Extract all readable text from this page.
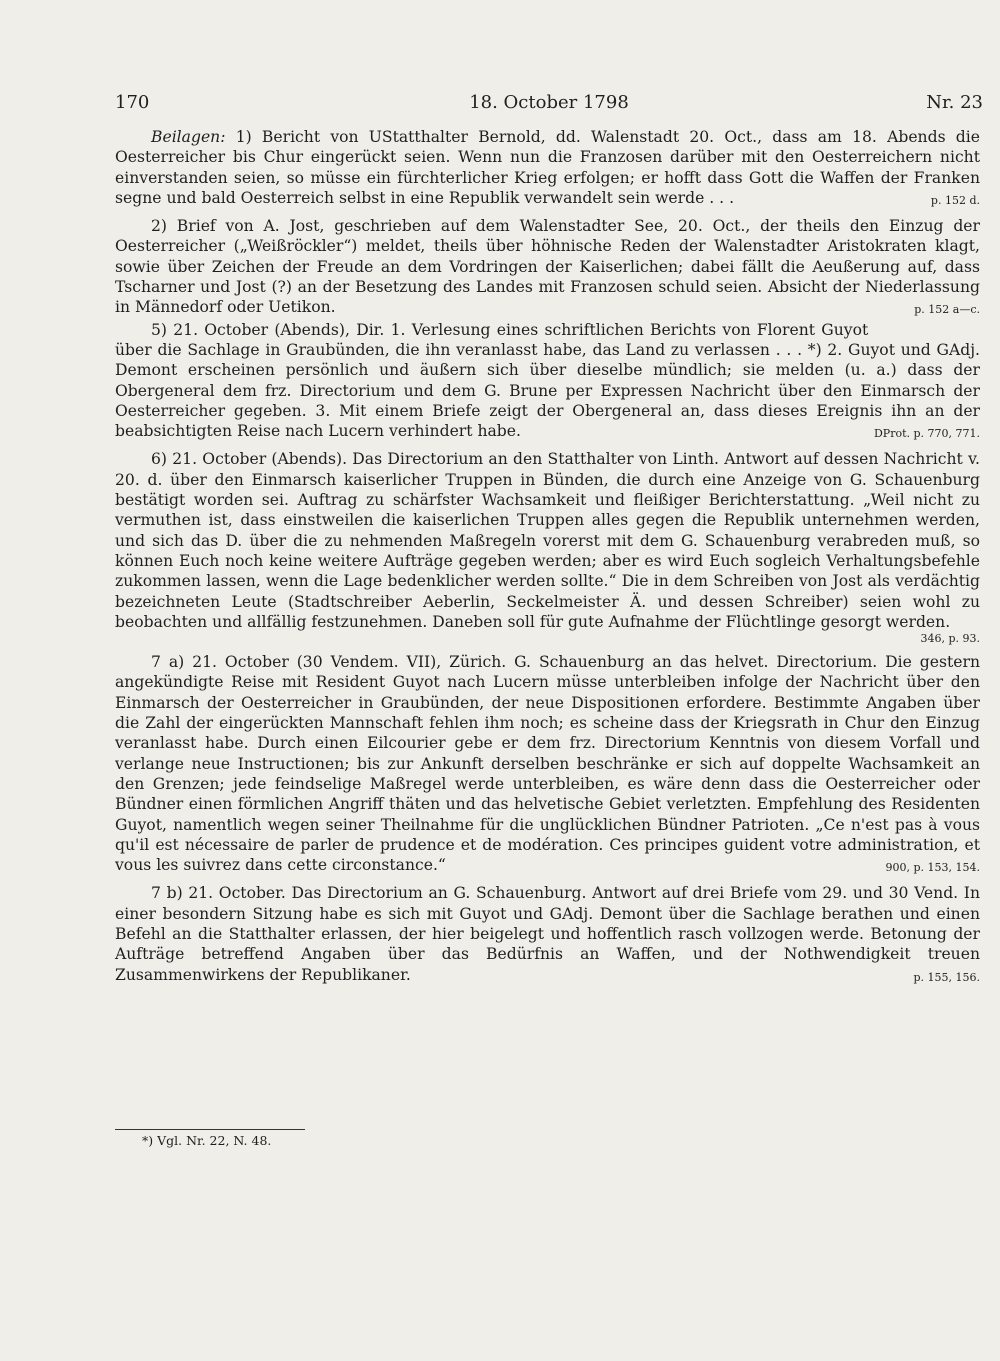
170	18. October 1798	Nr. 23

Beilagen: 1) Bericht von UStatthalter Bernold, dd. Walenstadt 20. Oct., dass am 18. Abends die Oesterreicher bis Chur eingerückt seien. Wenn nun die Franzosen darüber mit den Oesterreichern nicht einverstanden seien, so müsse ein fürchterlicher Krieg erfolgen; er hofft dass Gott die Waffen der Franken segne und bald Oesterreich selbst in eine Republik verwandelt sein werde . . .	p. 152 d.

2) Brief von A. Jost, geschrieben auf dem Walenstadter See, 20. Oct., der theils den Einzug der Oesterreicher („Weißröckler“) meldet, theils über höhnische Reden der Walenstadter Aristokraten klagt, sowie über Zeichen der Freude an dem Vordringen der Kaiserlichen; dabei fällt die Aeußerung auf, dass Tscharner und Jost (?) an der Besetzung des Landes mit Franzosen schuld seien. Absicht der Niederlassung in Männedorf oder Uetikon.	p. 152 a—c.

5) 21. October (Abends), Dir. 1. Verlesung eines schriftlichen Berichts von Florent Guyot über die Sachlage in Graubünden, die ihn veranlasst habe, das Land zu verlassen . . . *) 2. Guyot und GAdj. Demont erscheinen persönlich und äußern sich über dieselbe mündlich; sie melden (u. a.) dass der Obergeneral dem frz. Directorium und dem G. Brune per Expressen Nachricht über den Einmarsch der Oesterreicher gegeben. 3. Mit einem Briefe zeigt der Obergeneral an, dass dieses Ereignis ihn an der beabsichtigten Reise nach Lucern verhindert habe.	DProt. p. 770, 771.

6) 21. October (Abends). Das Directorium an den Statthalter von Linth. Antwort auf dessen Nachricht v. 20. d. über den Einmarsch kaiserlicher Truppen in Bünden, die durch eine Anzeige von G. Schauenburg bestätigt worden sei. Auftrag zu schärfster Wachsamkeit und fleißiger Berichterstattung. „Weil nicht zu vermuthen ist, dass einstweilen die kaiserlichen Truppen alles gegen die Republik unternehmen werden, und sich das D. über die zu nehmenden Maßregeln vorerst mit dem G. Schauenburg verabreden muß, so können Euch noch keine weitere Aufträge gegeben werden; aber es wird Euch sogleich Verhaltungsbefehle zukommen lassen, wenn die Lage bedenklicher werden sollte.“ Die in dem Schreiben von Jost als verdächtig bezeichneten Leute (Stadtschreiber Aeberlin, Seckelmeister Ä. und dessen Schreiber) seien wohl zu beobachten und allfällig festzunehmen. Daneben soll für gute Aufnahme der Flüchtlinge gesorgt werden.

346, p. 93.

7 a) 21. October (30 Vendem. VII), Zürich. G. Schauenburg an das helvet. Directorium. Die gestern angekündigte Reise mit Resident Guyot nach Lucern müsse unterbleiben infolge der Nachricht über den Einmarsch der Oesterreicher in Graubünden, der neue Dispositionen erfordere. Bestimmte Angaben über die Zahl der eingerückten Mannschaft fehlen ihm noch; es scheine dass der Kriegsrath in Chur den Einzug veranlasst habe. Durch einen Eilcourier gebe er dem frz. Directorium Kenntnis von diesem Vorfall und verlange neue Instructionen; bis zur Ankunft derselben beschränke er sich auf doppelte Wachsamkeit an den Grenzen; jede feindselige Maßregel werde unterbleiben, es wäre denn dass die Oesterreicher oder Bündner einen förmlichen Angriff thäten und das helvetische Gebiet verletzten. Empfehlung des Residenten Guyot, namentlich wegen seiner Theilnahme für die unglücklichen Bündner Patrioten. „Ce n'est pas à vous qu'il est nécessaire de parler de prudence et de modération. Ces principes guident votre administration, et vous les suivrez dans cette circonstance.“	900, p. 153, 154.

7 b) 21. October. Das Directorium an G. Schauenburg. Antwort auf drei Briefe vom 29. und 30 Vend. In einer besondern Sitzung habe es sich mit Guyot und GAdj. Demont über die Sachlage berathen und einen Befehl an die Statthalter erlassen, der hier beigelegt und hoffentlich rasch vollzogen werde. Betonung der Aufträge betreffend Angaben über das Bedürfnis an Waffen, und der Nothwendigkeit treuen Zusammenwirkens der Republikaner.	p. 155, 156.

*) Vgl. Nr. 22, N. 48.
